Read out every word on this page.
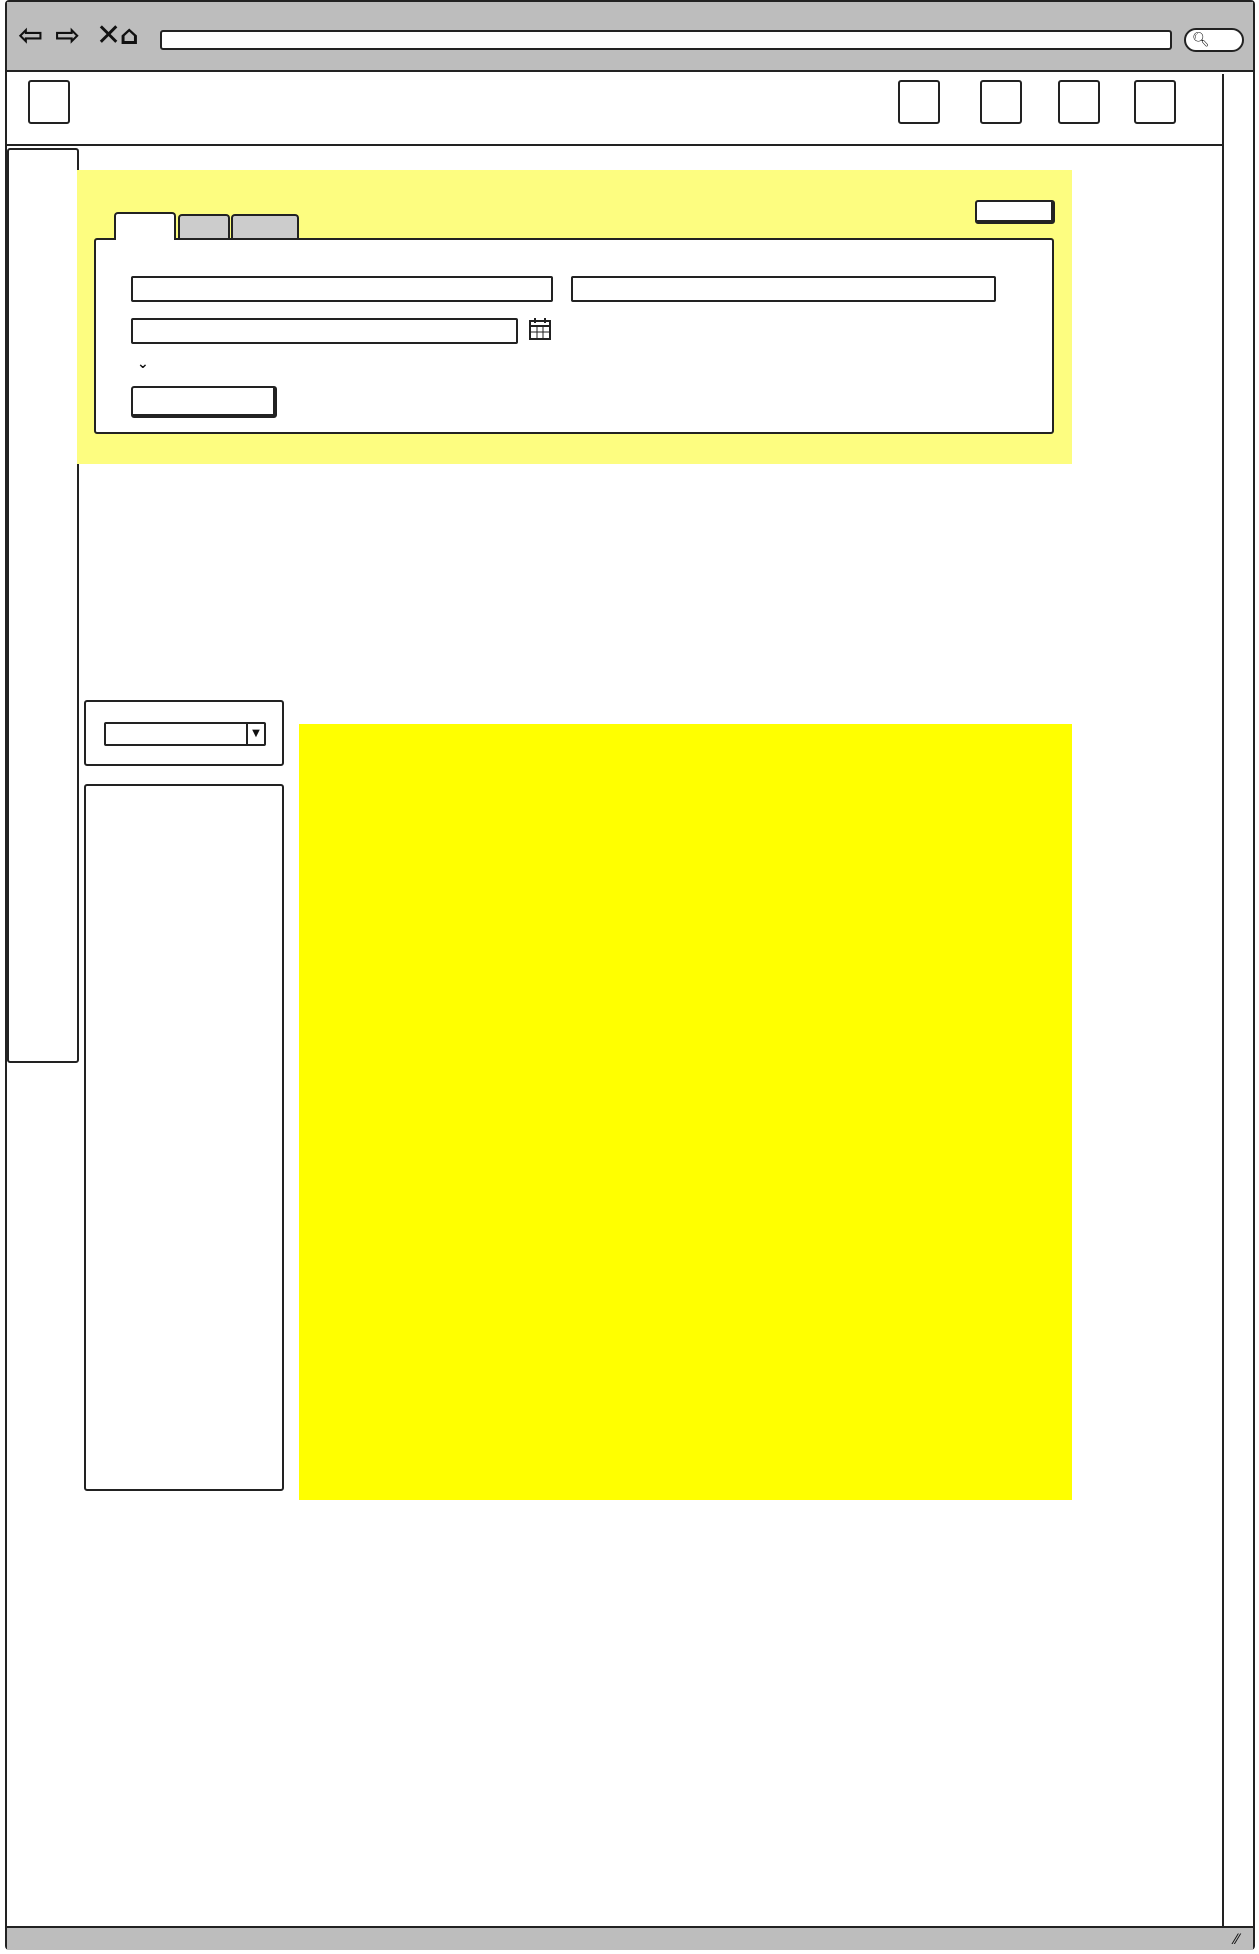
⇦ ⇨ ✕
⌂	🔍︎
⌄
▼
⁄⁄
